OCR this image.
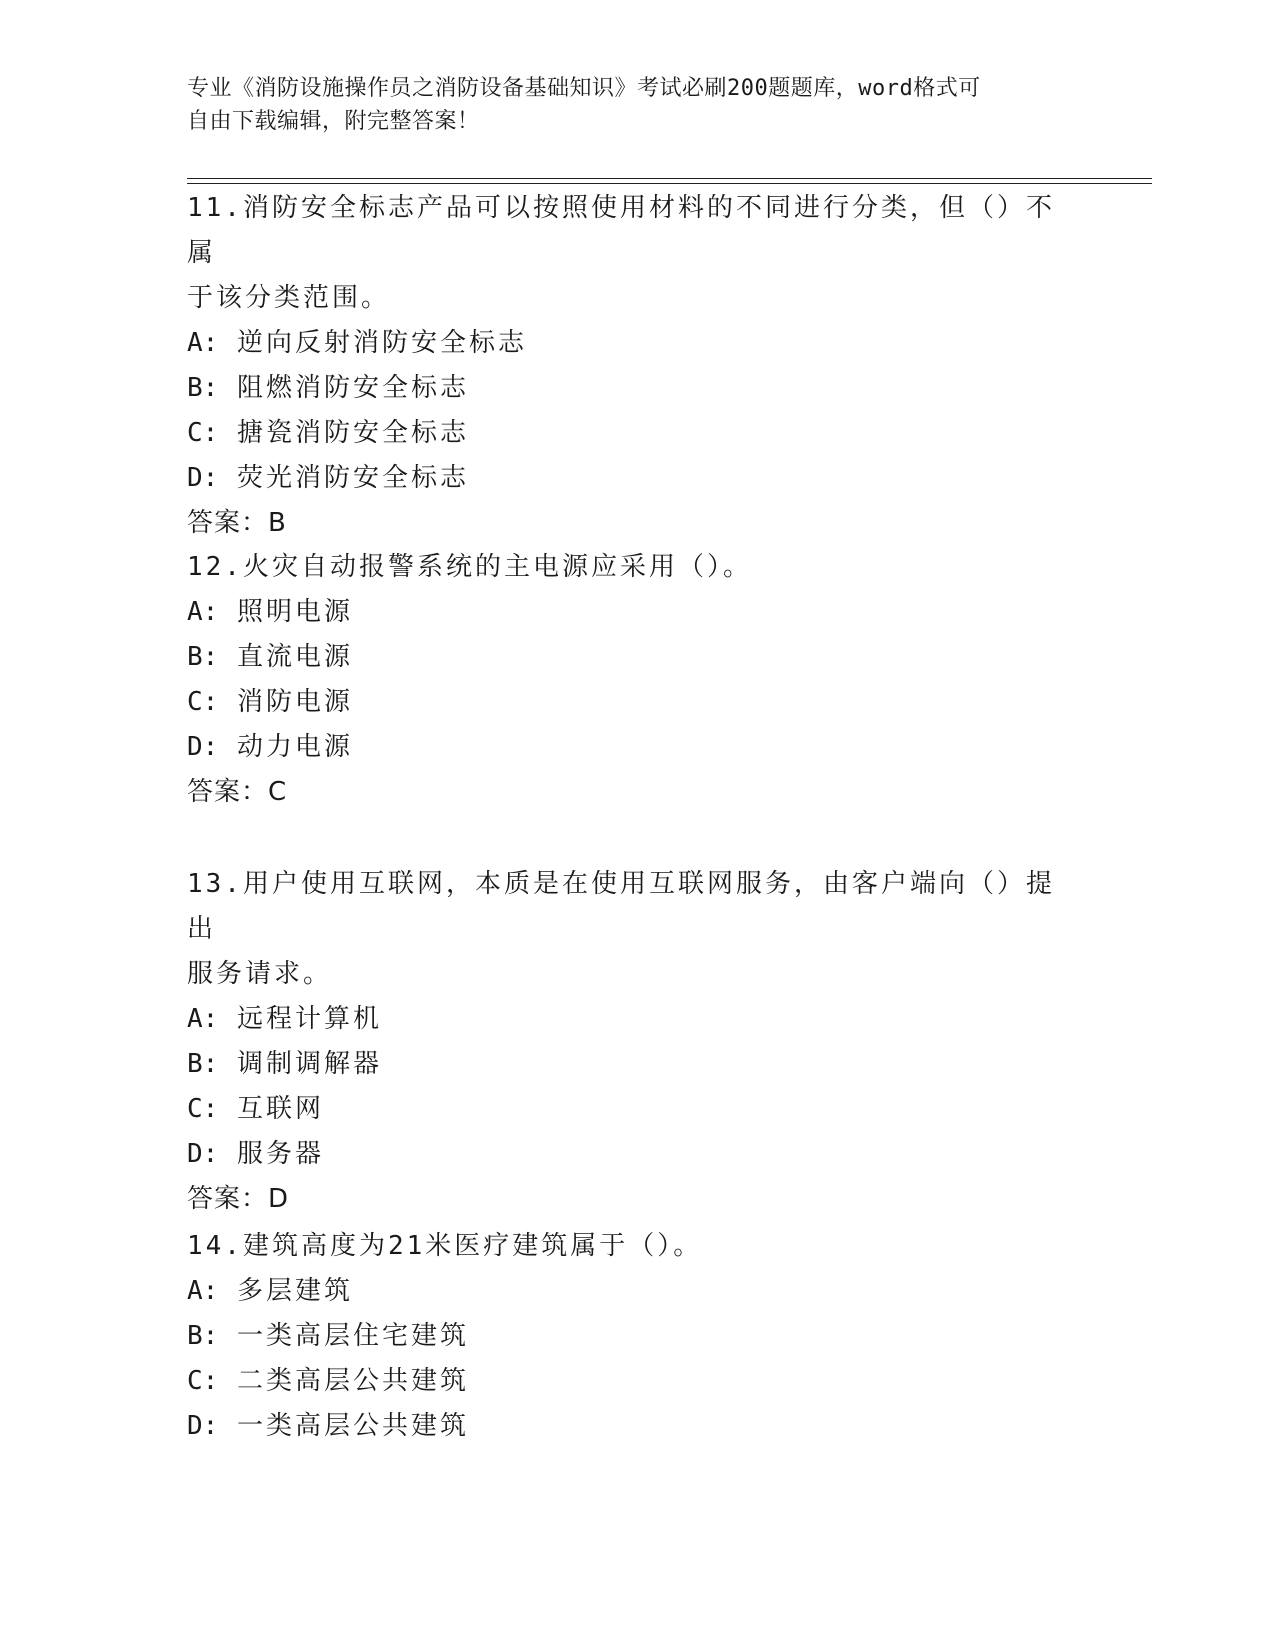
专业《消防设施操作员之消防设备基础知识》考试必刷200题题库，word格式可
自由下载编辑，附完整答案！

11.消防安全标志产品可以按照使用材料的不同进行分类，但（）不属

于该分类范围。

A: 逆向反射消防安全标志

B: 阻燃消防安全标志

C: 搪瓷消防安全标志

D: 荧光消防安全标志

答案：B

12.火灾自动报警系统的主电源应采用（）。

A: 照明电源

B: 直流电源

C: 消防电源

D: 动力电源

答案：C

13.用户使用互联网，本质是在使用互联网服务，由客户端向（）提出

服务请求。

A: 远程计算机

B: 调制调解器

C: 互联网

D: 服务器

答案：D

14.建筑高度为21米医疗建筑属于（）。

A: 多层建筑

B: 一类高层住宅建筑

C: 二类高层公共建筑

D: 一类高层公共建筑
